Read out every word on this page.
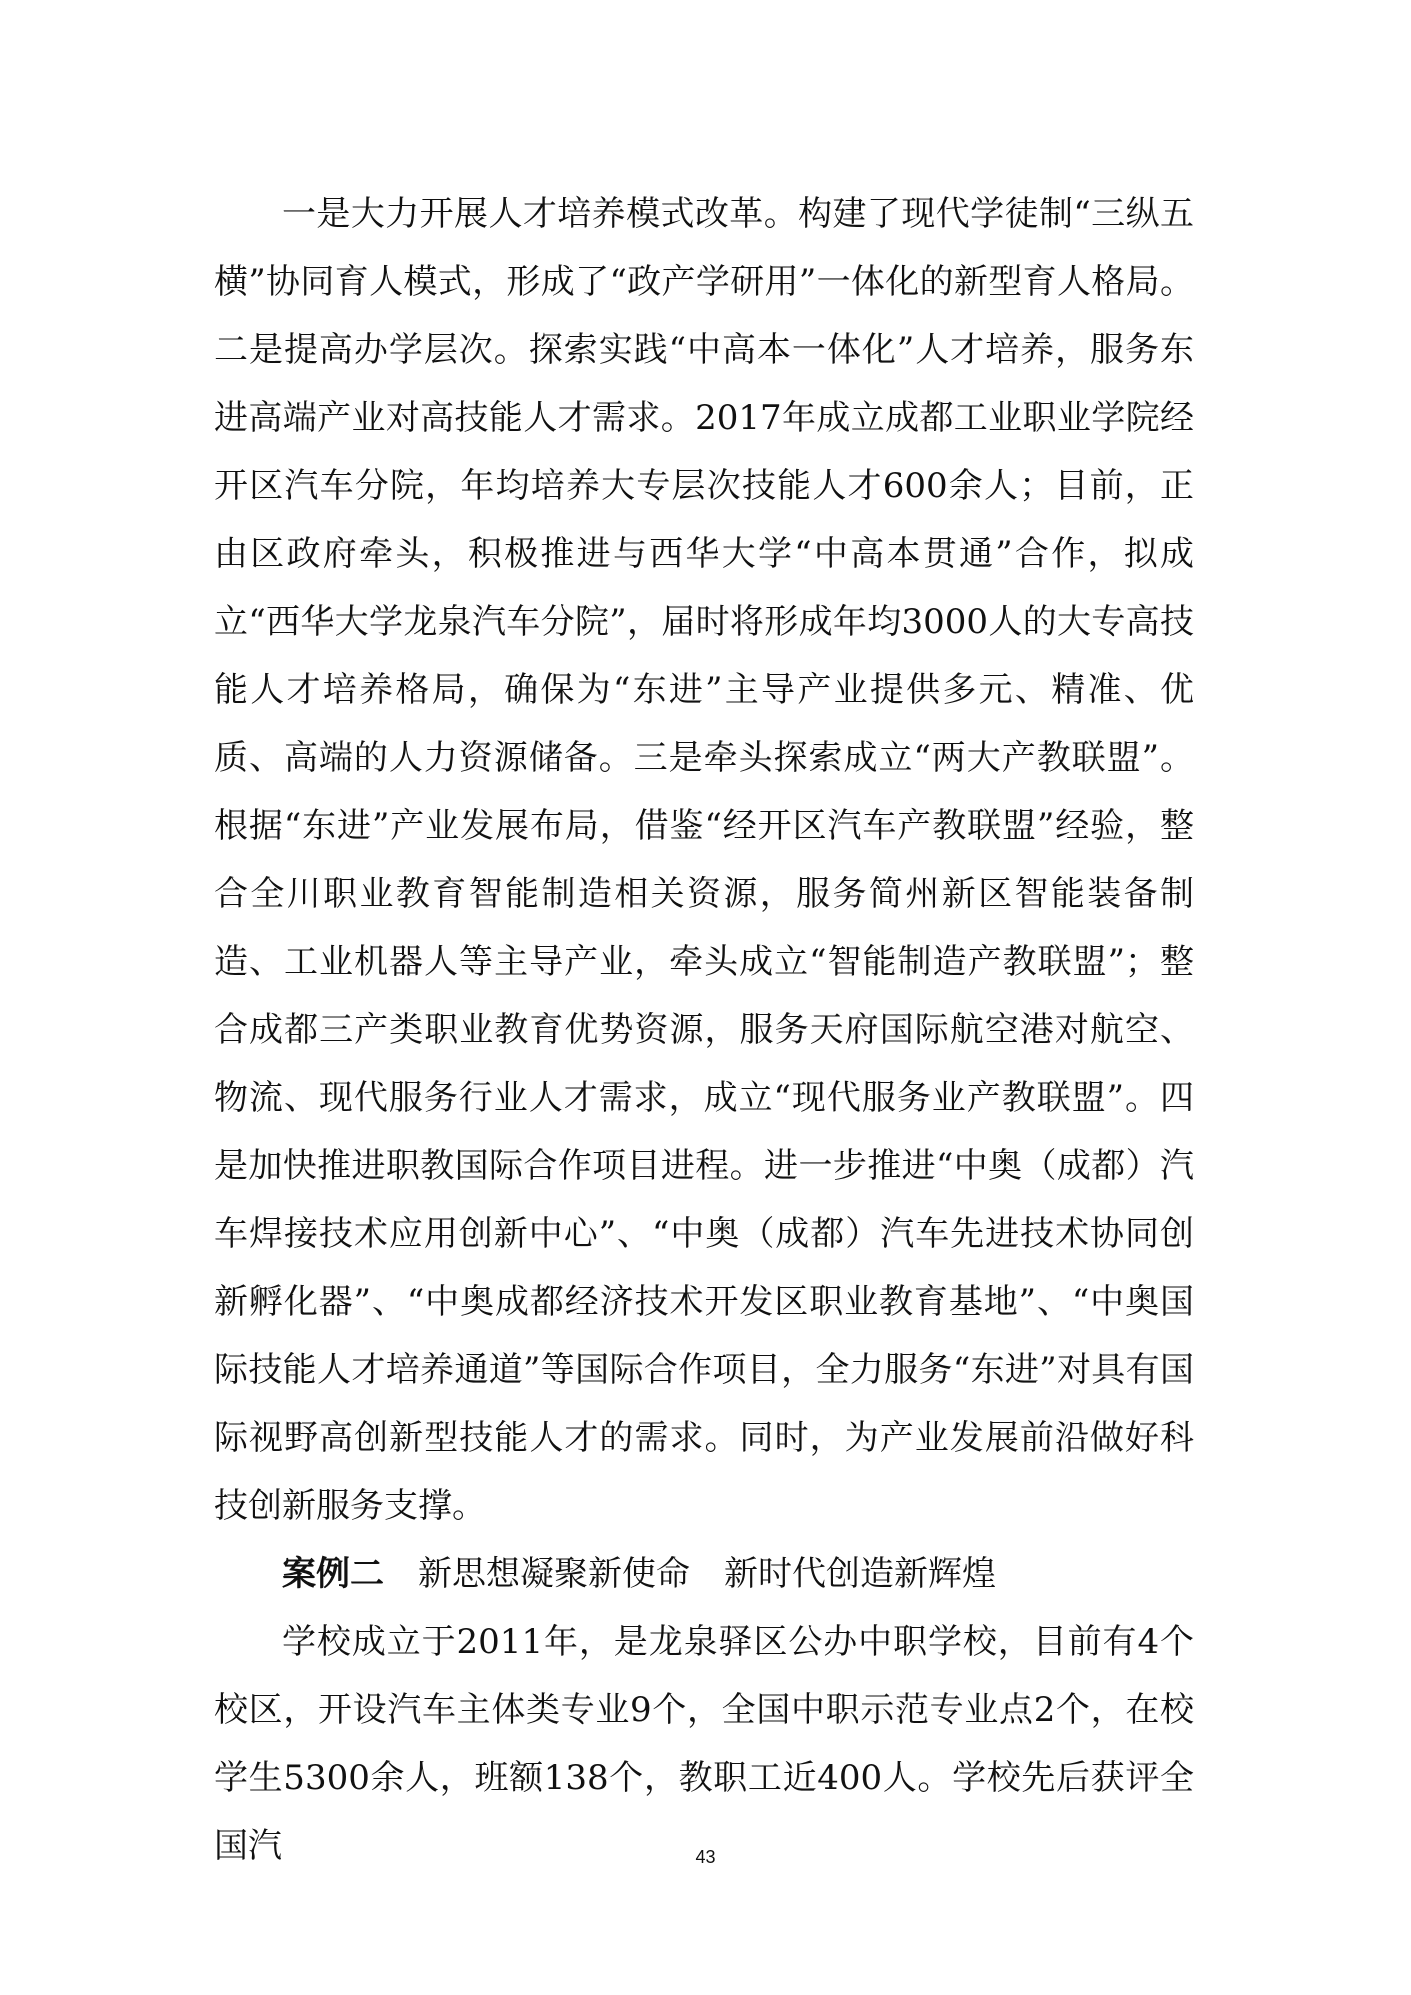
一是大力开展人才培养模式改革。构建了现代学徒制“三纵五横”协同育人模式，形成了“政产学研用”一体化的新型育人格局。二是提高办学层次。探索实践“中高本一体化”人才培养，服务东进高端产业对高技能人才需求。2017年成立成都工业职业学院经开区汽车分院，年均培养大专层次技能人才600余人；目前，正由区政府牵头，积极推进与西华大学“中高本贯通”合作，拟成立“西华大学龙泉汽车分院”，届时将形成年均3000人的大专高技能人才培养格局，确保为“东进”主导产业提供多元、精准、优质、高端的人力资源储备。三是牵头探索成立“两大产教联盟”。根据“东进”产业发展布局，借鉴“经开区汽车产教联盟”经验，整合全川职业教育智能制造相关资源，服务简州新区智能装备制造、工业机器人等主导产业，牵头成立“智能制造产教联盟”；整合成都三产类职业教育优势资源，服务天府国际航空港对航空、物流、现代服务行业人才需求，成立“现代服务业产教联盟”。四是加快推进职教国际合作项目进程。进一步推进“中奥（成都）汽车焊接技术应用创新中心”、“中奥（成都）汽车先进技术协同创新孵化器”、“中奥成都经济技术开发区职业教育基地”、“中奥国际技能人才培养通道”等国际合作项目，全力服务“东进”对具有国际视野高创新型技能人才的需求。同时，为产业发展前沿做好科技创新服务支撑。

案例二 新思想凝聚新使命 新时代创造新辉煌

学校成立于2011年，是龙泉驿区公办中职学校，目前有4个校区，开设汽车主体类专业9个，全国中职示范专业点2个，在校学生5300余人，班额138个，教职工近400人。学校先后获评全国汽	43
